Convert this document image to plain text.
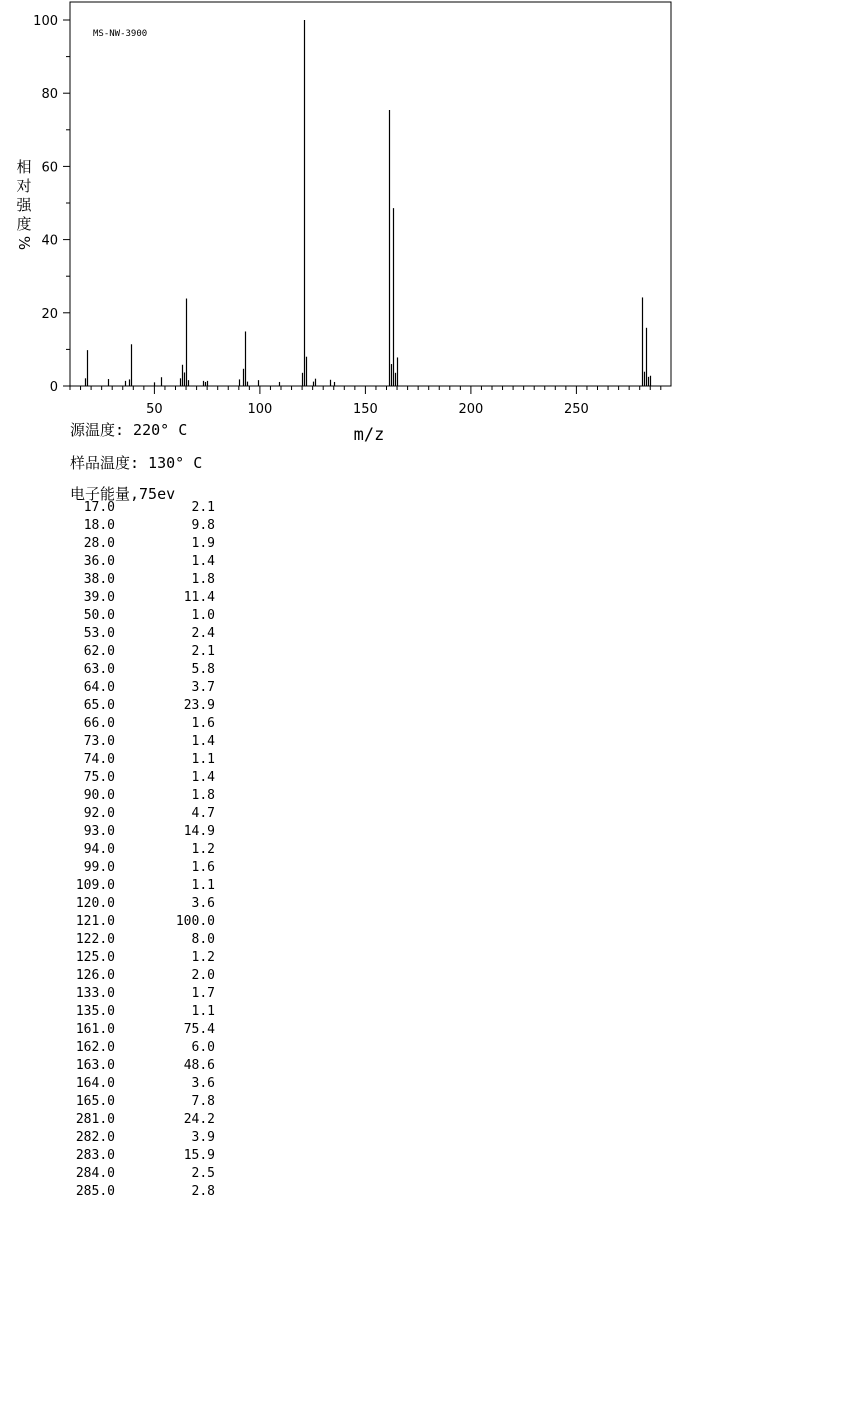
0
20
40
60
80
100
50	100	150	200	250
MS-NW-3900
m/z
相
对
强
度
%
源温度: 220° C
样品温度: 130° C
电子能量,75ev
17.0	2.1
18.0	9.8
28.0	1.9
36.0	1.4
38.0	1.8
39.0	11.4
50.0	1.0
53.0	2.4
62.0	2.1
63.0	5.8
64.0	3.7
65.0	23.9
66.0	1.6
73.0	1.4
74.0	1.1
75.0	1.4
90.0	1.8
92.0	4.7
93.0	14.9
94.0	1.2
99.0	1.6
109.0	1.1
120.0	3.6
121.0	100.0
122.0	8.0
125.0	1.2
126.0	2.0
133.0	1.7
135.0	1.1
161.0	75.4
162.0	6.0
163.0	48.6
164.0	3.6
165.0	7.8
281.0	24.2
282.0	3.9
283.0	15.9
284.0	2.5
285.0	2.8
